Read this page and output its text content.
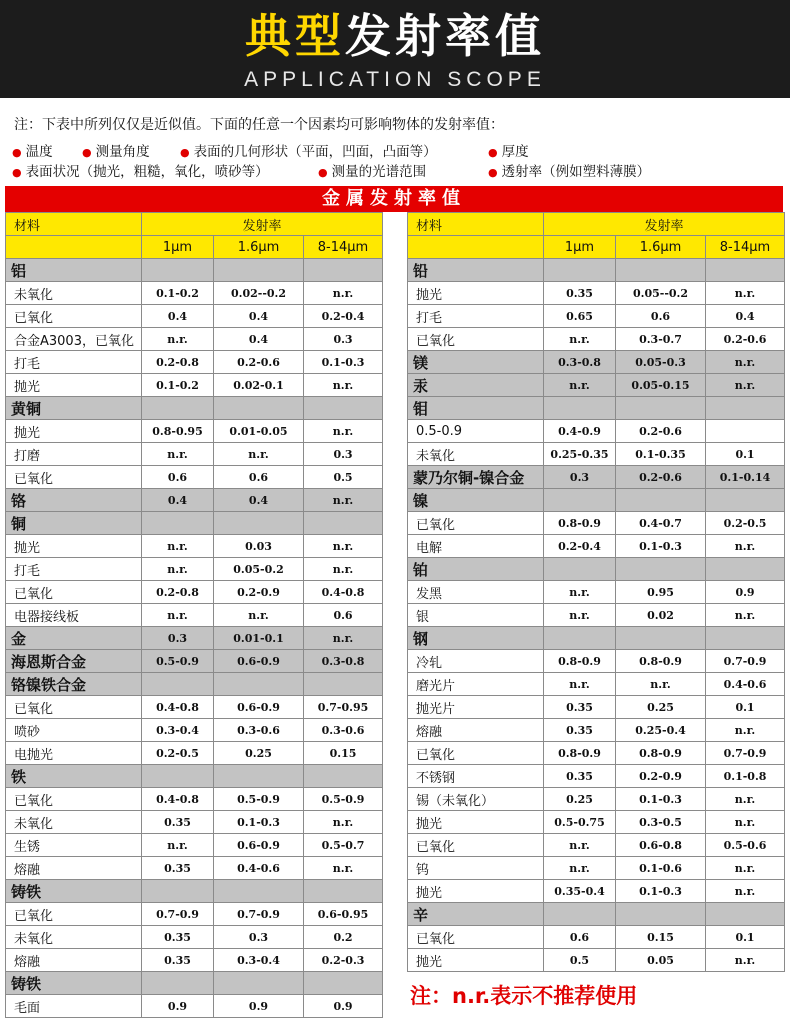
典型发射率值
APPLICATION SCOPE
注：下表中所列仅仅是近似值。下面的任意一个因素均可影响物体的发射率值：
● 温度	● 测量角度	● 表面的几何形状（平面，凹面，凸面等）	● 厚度
● 表面状况（抛光，粗糙，氧化，喷砂等）	● 测量的光谱范围	● 透射率（例如塑料薄膜）
金属发射率值
材料	发射率		
	1μm	1.6μm	8-14μm
铝			
未氧化	0.1-0.2	0.02--0.2	n.r.
已氧化	0.4	0.4	0.2-0.4
合金A3003，已氧化	n.r.	0.4	0.3
打毛	0.2-0.8	0.2-0.6	0.1-0.3
抛光	0.1-0.2	0.02-0.1	n.r.
黄铜			
抛光	0.8-0.95	0.01-0.05	n.r.
打磨	n.r.	n.r.	0.3
已氧化	0.6	0.6	0.5
铬	0.4	0.4	n.r.
铜			
抛光	n.r.	0.03	n.r.
打毛	n.r.	0.05-0.2	n.r.
已氧化	0.2-0.8	0.2-0.9	0.4-0.8
电器接线板	n.r.	n.r.	0.6
金	0.3	0.01-0.1	n.r.
海恩斯合金	0.5-0.9	0.6-0.9	0.3-0.8
铬镍铁合金			
已氧化	0.4-0.8	0.6-0.9	0.7-0.95
喷砂	0.3-0.4	0.3-0.6	0.3-0.6
电抛光	0.2-0.5	0.25	0.15
铁			
已氧化	0.4-0.8	0.5-0.9	0.5-0.9
未氧化	0.35	0.1-0.3	n.r.
生锈	n.r.	0.6-0.9	0.5-0.7
熔融	0.35	0.4-0.6	n.r.
铸铁			
已氧化	0.7-0.9	0.7-0.9	0.6-0.95
未氧化	0.35	0.3	0.2
熔融	0.35	0.3-0.4	0.2-0.3
铸铁			
毛面	0.9	0.9	0.9
材料	发射率		
	1μm	1.6μm	8-14μm
铅			
抛光	0.35	0.05--0.2	n.r.
打毛	0.65	0.6	0.4
已氧化	n.r.	0.3-0.7	0.2-0.6
镁	0.3-0.8	0.05-0.3	n.r.
汞	n.r.	0.05-0.15	n.r.
钼			
0.5-0.9	0.4-0.9	0.2-0.6	
未氧化	0.25-0.35	0.1-0.35	0.1
蒙乃尔铜-镍合金	0.3	0.2-0.6	0.1-0.14
镍			
已氧化	0.8-0.9	0.4-0.7	0.2-0.5
电解	0.2-0.4	0.1-0.3	n.r.
铂			
发黑	n.r.	0.95	0.9
银	n.r.	0.02	n.r.
钢			
冷轧	0.8-0.9	0.8-0.9	0.7-0.9
磨光片	n.r.	n.r.	0.4-0.6
抛光片	0.35	0.25	0.1
熔融	0.35	0.25-0.4	n.r.
已氧化	0.8-0.9	0.8-0.9	0.7-0.9
不锈钢	0.35	0.2-0.9	0.1-0.8
锡（未氧化）	0.25	0.1-0.3	n.r.
抛光	0.5-0.75	0.3-0.5	n.r.
已氧化	n.r.	0.6-0.8	0.5-0.6
钨	n.r.	0.1-0.6	n.r.
抛光	0.35-0.4	0.1-0.3	n.r.
辛			
已氧化	0.6	0.15	0.1
抛光	0.5	0.05	n.r.
注：n.r.表示不推荐使用
